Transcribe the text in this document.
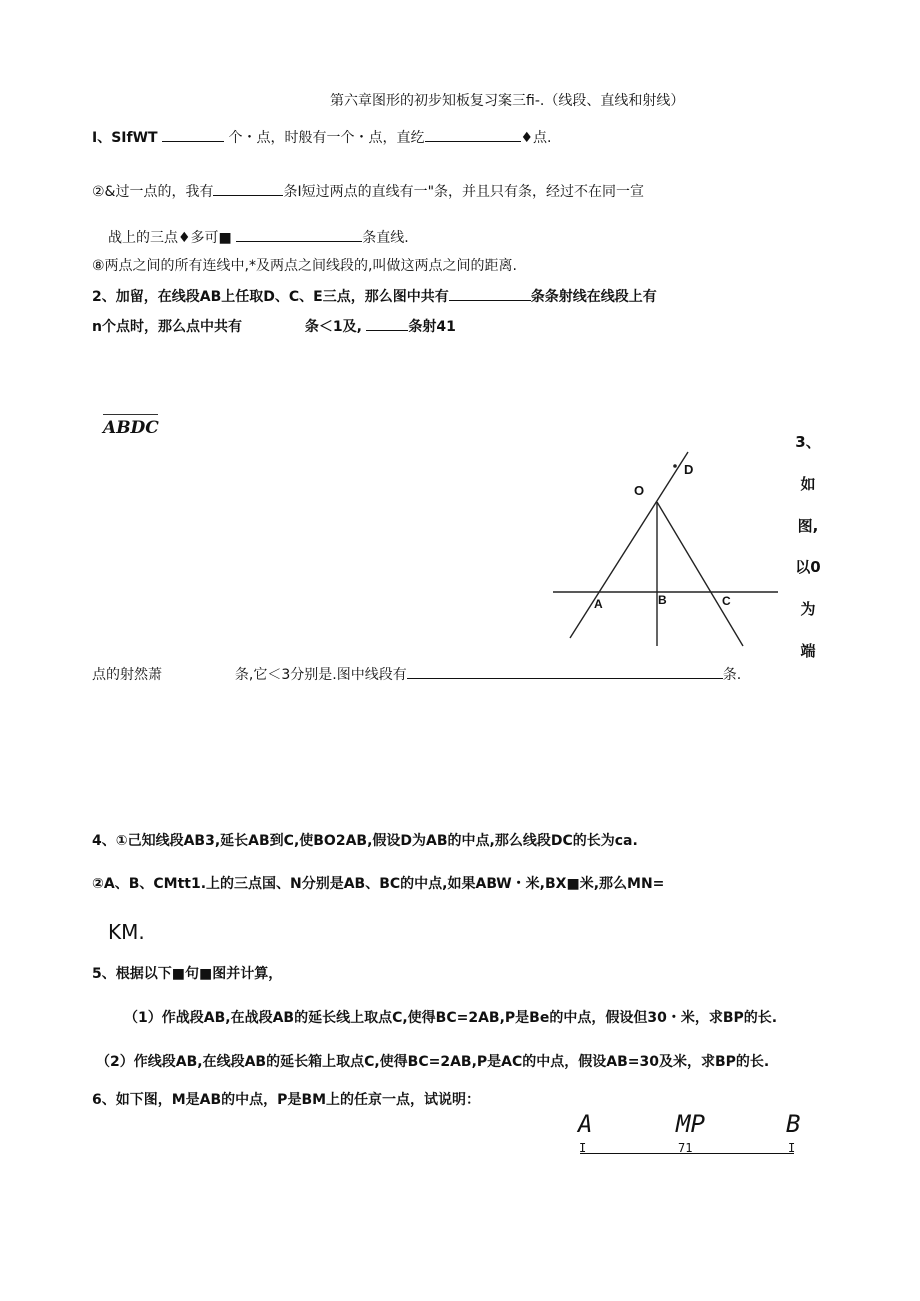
第六章图形的初步知板复习案三fi-.（线段、直线和射线）
I、SIfWT	个・点，时般有一个・点，直纥	♦点.
②&过一点的，我有	条I短过两点的直线有一"条，并且只有条，经过不在同一宣
战上的三点♦多可■	条直线.
⑧两点之间的所有连线中,*及两点之间线段的,叫做这两点之间的距离.
2、加留，在线段AB上任取D、C、E三点，那么图中共有	条条射线在线段上有
n个点时，那么点中共有	条＜1及,	条射41
ABDC
3、
如
图,
以0
为
端
O
D
A	B	C
点的射然萧	条,它＜3分别是.图中线段有	条.
4、①己知线段AB3,延长AB到C,使BO2AB,假设D为AB的中点,那么线段DC的长为ca.
②A、B、CMtt1.上的三点国、N分别是AB、BC的中点,如果ABW・米,BX■米,那么MN=
KM.
5、根据以下■句■图并计算，
（1）作战段AB,在战段AB的延长线上取点C,使得BC=2AB,P是Be的中点，假设但30・米，求BP的长.
（2）作线段AB,在线段AB的延长箱上取点C,使得BC=2AB,P是AC的中点，假设AB=30及米，求BP的长.
6、如下图，M是AB的中点，P是BM上的任京一点，试说明：
A	MP	B
I	71	I
